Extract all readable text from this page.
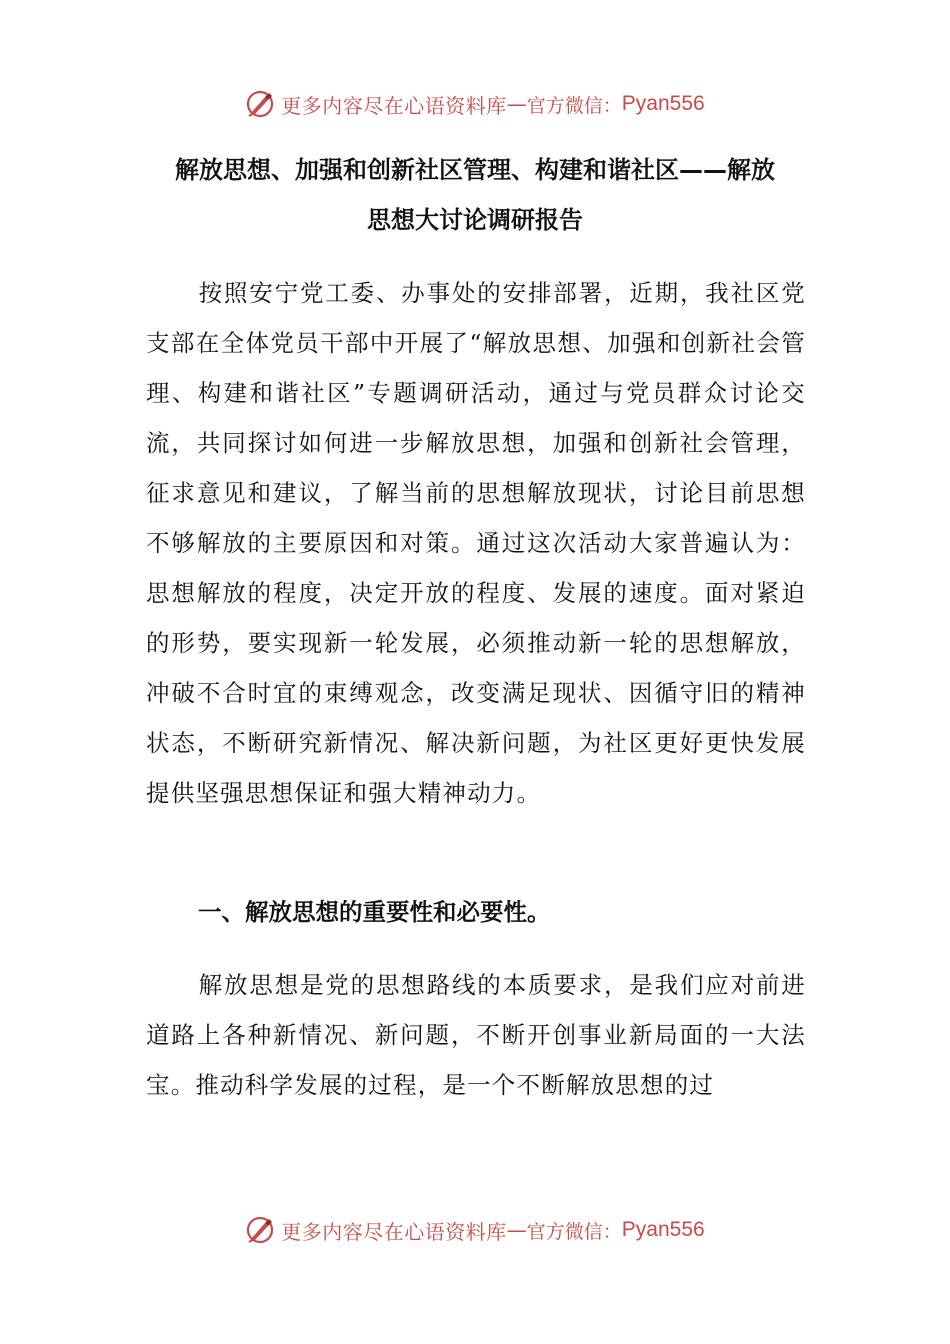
更多内容尽在心语资料库 — 官方微信： Pyan556
解放思想、加强和创新社区管理、构建和谐社区——解放
思想大讨论调研报告

按照安宁党工委、办事处的安排部署，近期，我社区党支部在全体党员干部中开展了“解放思想、加强和创新社会管理、构建和谐社区”专题调研活动，通过与党员群众讨论交流，共同探讨如何进一步解放思想，加强和创新社会管理，征求意见和建议，了解当前的思想解放现状，讨论目前思想不够解放的主要原因和对策。通过这次活动大家普遍认为：思想解放的程度，决定开放的程度、发展的速度。面对紧迫的形势，要实现新一轮发展，必须推动新一轮的思想解放，冲破不合时宜的束缚观念，改变满足现状、因循守旧的精神状态，不断研究新情况、解决新问题，为社区更好更快发展提供坚强思想保证和强大精神动力。

一、解放思想的重要性和必要性。

解放思想是党的思想路线的本质要求，是我们应对前进道路上各种新情况、新问题，不断开创事业新局面的一大法宝。推动科学发展的过程，是一个不断解放思想的过

更多内容尽在心语资料库 — 官方微信： Pyan556
